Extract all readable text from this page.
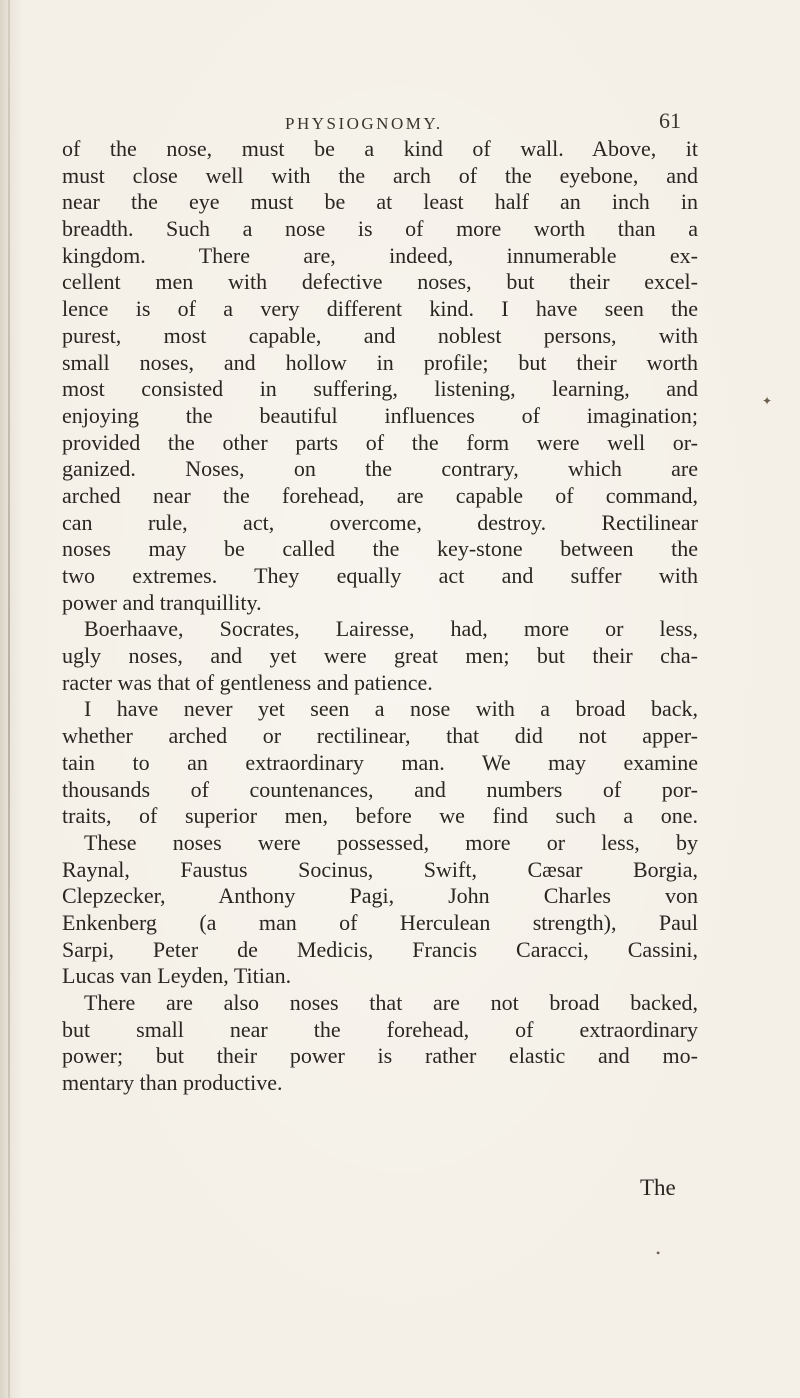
PHYSIOGNOMY.	61
of the nose, must be a kind of wall. Above, it
must close well with the arch of the eyebone, and
near the eye must be at least half an inch in
breadth. Such a nose is of more worth than a
kingdom. There are, indeed, innumerable ex-
cellent men with defective noses, but their excel-
lence is of a very different kind. I have seen the
purest, most capable, and noblest persons, with
small noses, and hollow in profile; but their worth
most consisted in suffering, listening, learning, and
enjoying the beautiful influences of imagination;
provided the other parts of the form were well or-
ganized. Noses, on the contrary, which are
arched near the forehead, are capable of command,
can rule, act, overcome, destroy. Rectilinear
noses may be called the key-stone between the
two extremes. They equally act and suffer with
power and tranquillity.
Boerhaave, Socrates, Lairesse, had, more or less,
ugly noses, and yet were great men; but their cha-
racter was that of gentleness and patience.
I have never yet seen a nose with a broad back,
whether arched or rectilinear, that did not apper-
tain to an extraordinary man. We may examine
thousands of countenances, and numbers of por-
traits, of superior men, before we find such a one.
These noses were possessed, more or less, by
Raynal, Faustus Socinus, Swift, Cæsar Borgia,
Clepzecker, Anthony Pagi, John Charles von
Enkenberg (a man of Herculean strength), Paul
Sarpi, Peter de Medicis, Francis Caracci, Cassini,
Lucas van Leyden, Titian.
There are also noses that are not broad backed,
but small near the forehead, of extraordinary
power; but their power is rather elastic and mo-
mentary than productive.
The
✦
•
